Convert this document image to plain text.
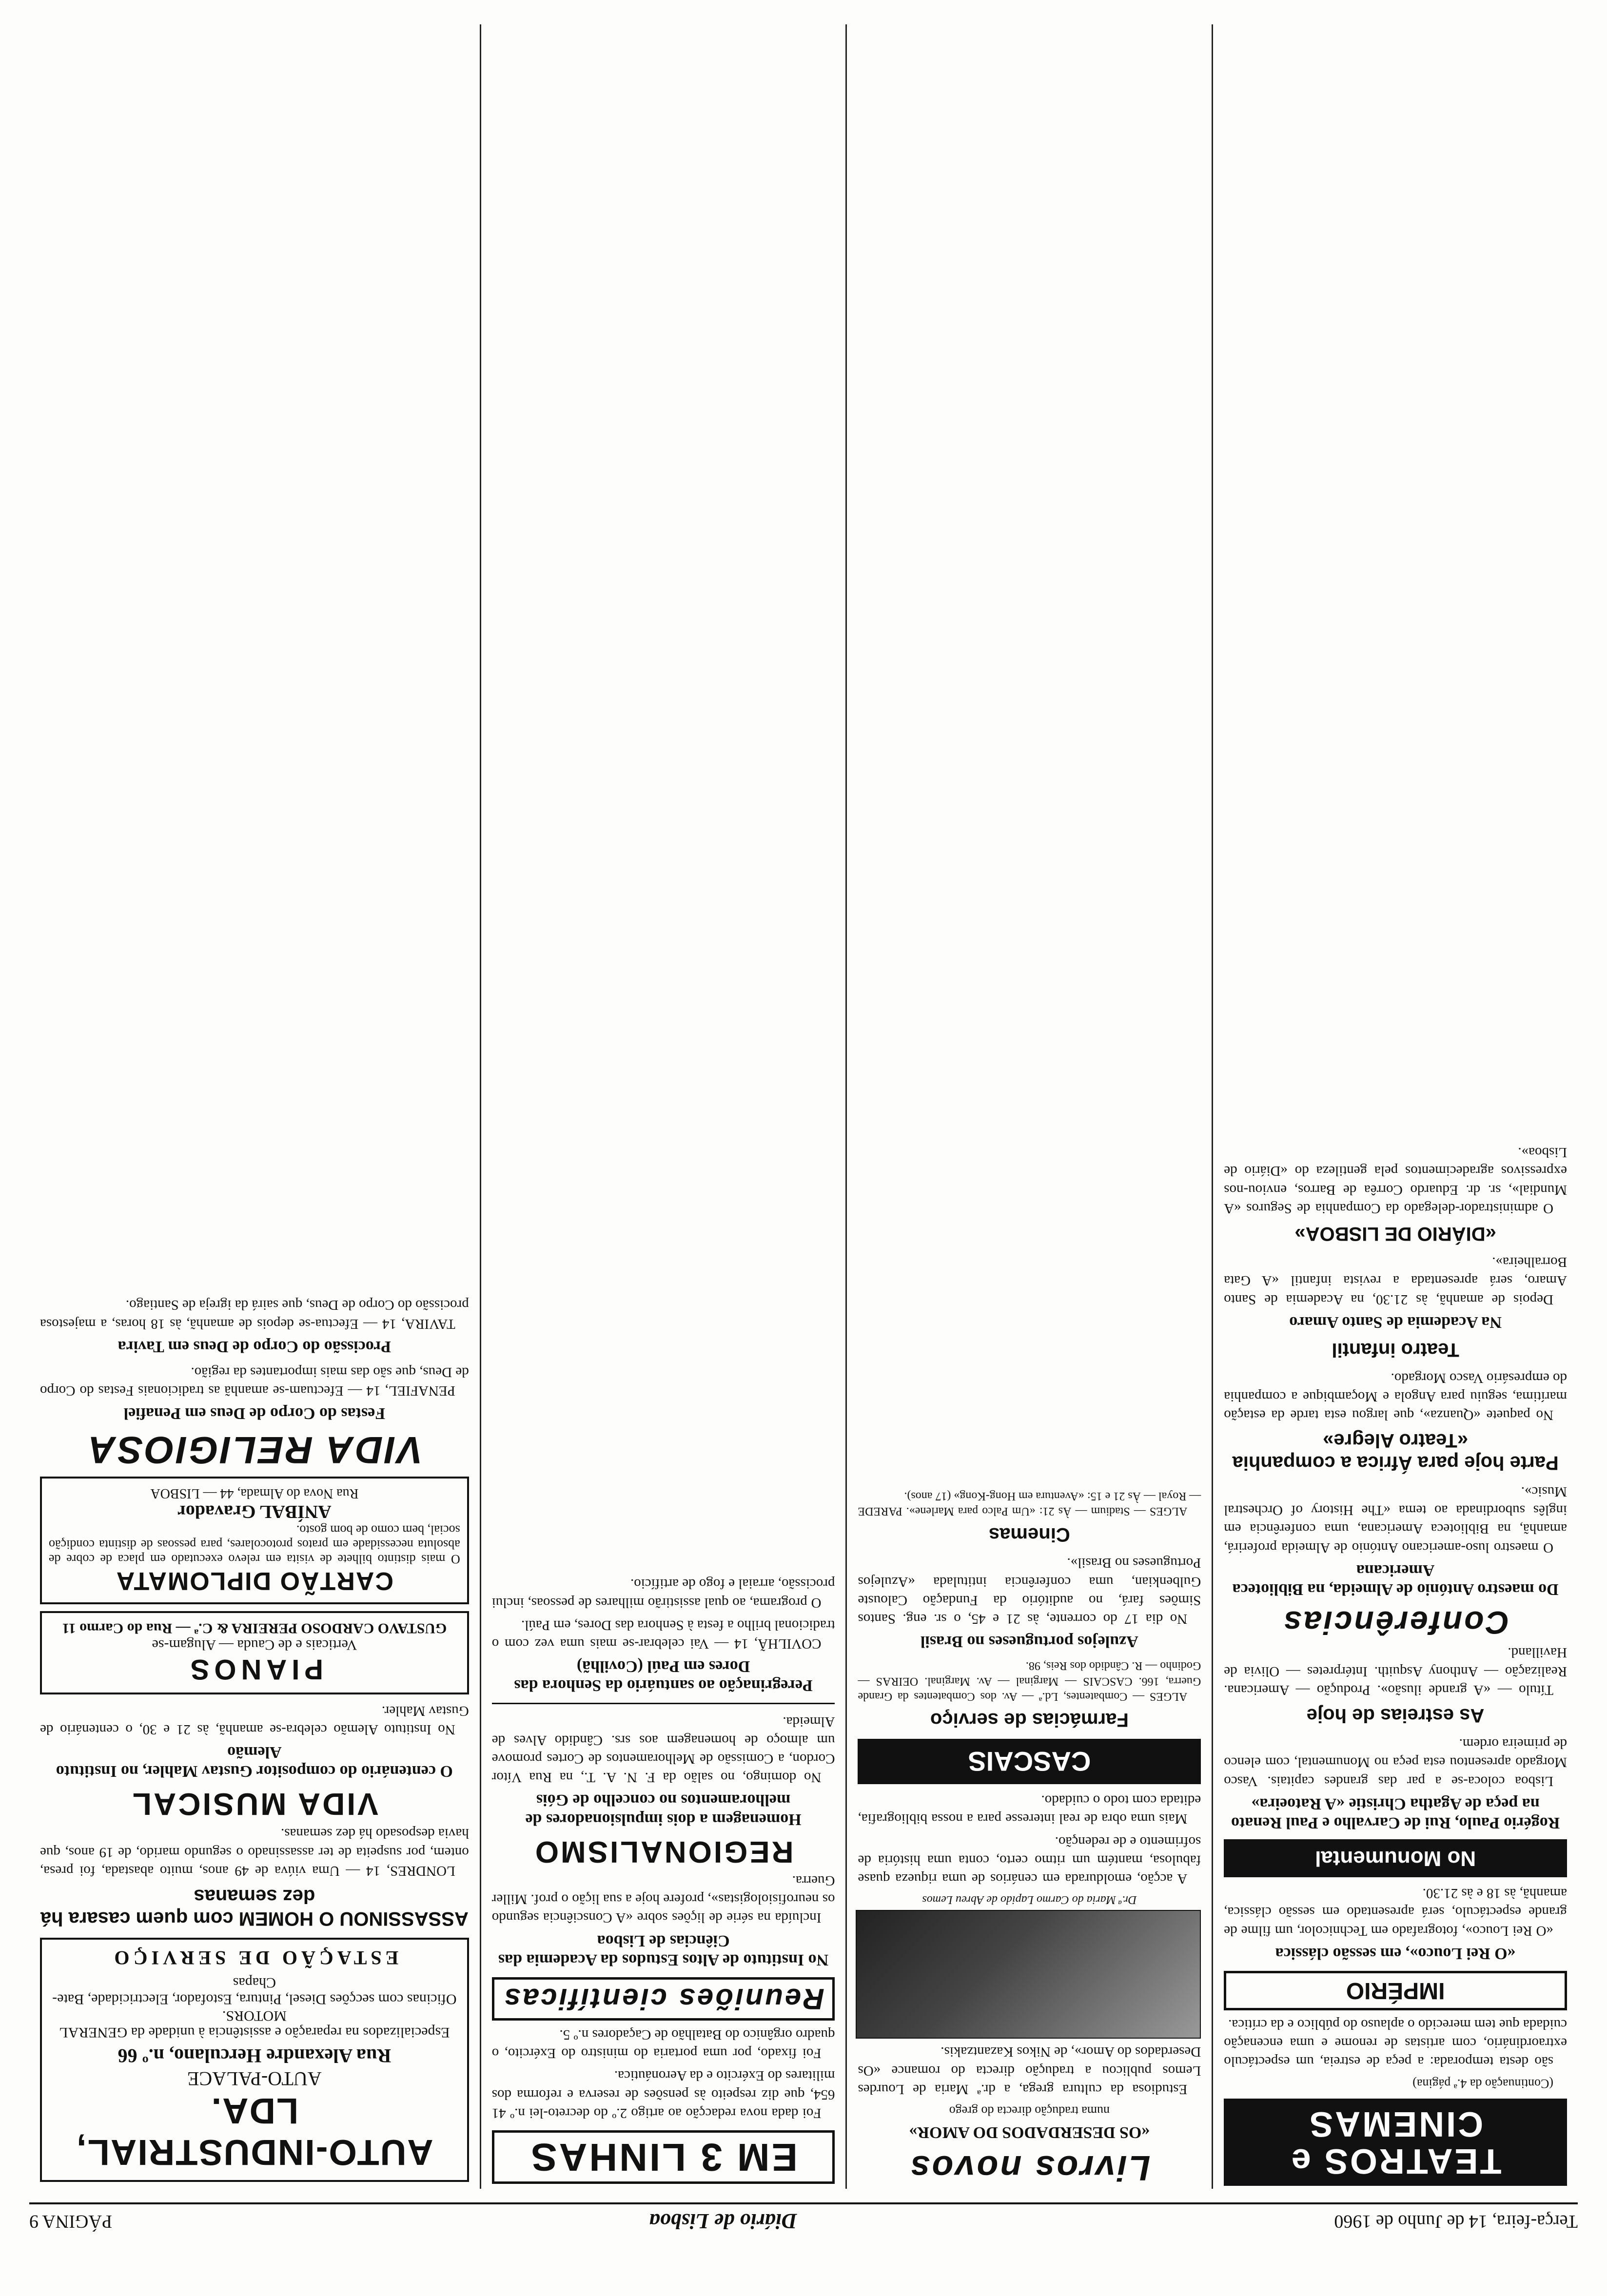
Terça-feira, 14 de Junho de 1960
Diário de Lisboa
PÁGINA 9
TEATROS e CINEMAS

(Continuação da 4.ª página)

são desta temporada: a peça de estreia, um espectáculo extraordinário, com artistas de renome e uma encenação cuidada que tem merecido o aplauso do público e da crítica.

IMPÉRIO
«O Rei Louco», em sessão clássica

«O Rei Louco», fotografado em Technicolor, um filme de grande espectáculo, será apresentado em sessão clássica, amanhã, às 18 e às 21.30.

No Monumental
Rogério Paulo, Rui de Carvalho e Paul Renato na peça de Agatha Christie «A Ratoeira»

Lisboa coloca-se a par das grandes capitais. Vasco Morgado apresentou esta peça no Monumental, com elenco de primeira ordem.

As estreias de hoje

Título — «A grande ilusão». Produção — Americana. Realização — Anthony Asquith. Intérpretes — Olivia de Havilland.

Conferências
Do maestro António de Almeida, na Biblioteca Americana

O maestro luso-americano António de Almeida proferirá, amanhã, na Biblioteca Americana, uma conferência em inglês subordinada ao tema «The History of Orchestral Music».

Parte hoje para África a companhia «Teatro Alegre»

No paquete «Quanza», que largou esta tarde da estação marítima, seguiu para Angola e Moçambique a companhia do empresário Vasco Morgado.

Teatro infantil
Na Academia de Santo Amaro

Depois de amanhã, às 21.30, na Academia de Santo Amaro, será apresentada a revista infantil «A Gata Borralheira».

«DIÁRIO DE LISBOA»

O administrador-delegado da Companhia de Seguros «A Mundial», sr. dr. Eduardo Corrêa de Barros, enviou-nos expressivos agradecimentos pela gentileza do «Diário de Lisboa».

Livros novos
«OS DESERDADOS DO AMOR»

numa tradução directa do grego

Estudiosa da cultura grega, a dr.ª Maria de Lourdes Lemos publicou a tradução directa do romance «Os Deserdados do Amor», de Nikos Kazantzakis.

Dr.ª Maria do Carmo Lapido de Abreu Lemos

A acção, emoldurada em cenários de uma riqueza quase fabulosa, mantém um ritmo certo, conta uma história de sofrimento e de redenção.

Mais uma obra de real interesse para a nossa bibliografia, editada com todo o cuidado.

CASCAIS
Farmácias de serviço

ALGES — Combatentes, Ld.ª — Av. dos Combatentes da Grande Guerra, 166. CASCAIS — Marginal — Av. Marginal. OEIRAS — Godinho — R. Cândido dos Reis, 98.

Azulejos portugueses no Brasil

No dia 17 do corrente, às 21 e 45, o sr. eng. Santos Simões fará, no auditório da Fundação Calouste Gulbenkian, uma conferência intitulada «Azulejos Portugueses no Brasil».

Cinemas

ALGES — Stadium — Às 21: «Um Palco para Marlene». PAREDE — Royal — Às 21 e 15: «Aventura em Hong-Kong» (17 anos).

EM 3 LINHAS

Foi dada nova redacção ao artigo 2.º do decreto-lei n.º 41 654, que diz respeito às pensões de reserva e reforma dos militares do Exército e da Aeronáutica.

Foi fixado, por uma portaria do ministro do Exército, o quadro orgânico do Batalhão de Caçadores n.º 5.

Reuniões científicas
No Instituto de Altos Estudos da Academia das Ciências de Lisboa

Incluída na série de lições sobre «A Consciência segundo os neurofisiologistas», profere hoje a sua lição o prof. Miller Guerra.

REGIONALISMO
Homenagem a dois impulsionadores de melhoramentos no concelho de Góis

No domingo, no salão da F. N. A. T., na Rua Vítor Cordon, a Comissão de Melhoramentos de Cortes promove um almoço de homenagem aos srs. Cândido Alves de Almeida.

Peregrinação ao santuário da Senhora das Dores em Paúl (Covilhã)

COVILHÃ, 14 — Vai celebrar-se mais uma vez com o tradicional brilho a festa à Senhora das Dores, em Paúl.

O programa, ao qual assistirão milhares de pessoas, inclui procissão, arraial e fogo de artifício.

AUTO-INDUSTRIAL, LDA.
AUTO-PALACE
Rua Alexandre Herculano, n.º 66
Especializados na reparação e assistência à unidade da GENERAL MOTORS.
Oficinas com secções Diesel, Pintura, Estofador, Electricidade, Bate-Chapas
ESTAÇÃO DE SERVIÇO
ASSASSINOU O HOMEM com quem casara há dez semanas

LONDRES, 14 — Uma viúva de 49 anos, muito abastada, foi presa, ontem, por suspeita de ter assassinado o segundo marido, de 19 anos, que havia desposado há dez semanas.

VIDA MUSICAL
O centenário do compositor Gustav Mahler, no Instituto Alemão

No Instituto Alemão celebra-se amanhã, às 21 e 30, o centenário de Gustav Mahler.

PIANOS
Verticais e de Cauda — Alugam-se
GUSTAVO CARDOSO PEREIRA & C.ª — Rua do Carmo 11
CARTÃO DIPLOMATA
O mais distinto bilhete de visita em relevo executado em placa de cobre de absoluta necessidade em pratos protocolares, para pessoas de distinta condição social, bem como de bom gosto.
ANÍBAL Gravador
Rua Nova do Almada, 44 — LISBOA
VIDA RELIGIOSA
Festas do Corpo de Deus em Penafiel

PENAFIEL, 14 — Efectuam-se amanhã as tradicionais Festas do Corpo de Deus, que são das mais importantes da região.

Procissão do Corpo de Deus em Tavira

TAVIRA, 14 — Efectua-se depois de amanhã, às 18 horas, a majestosa procissão do Corpo de Deus, que sairá da igreja de Santiago.
